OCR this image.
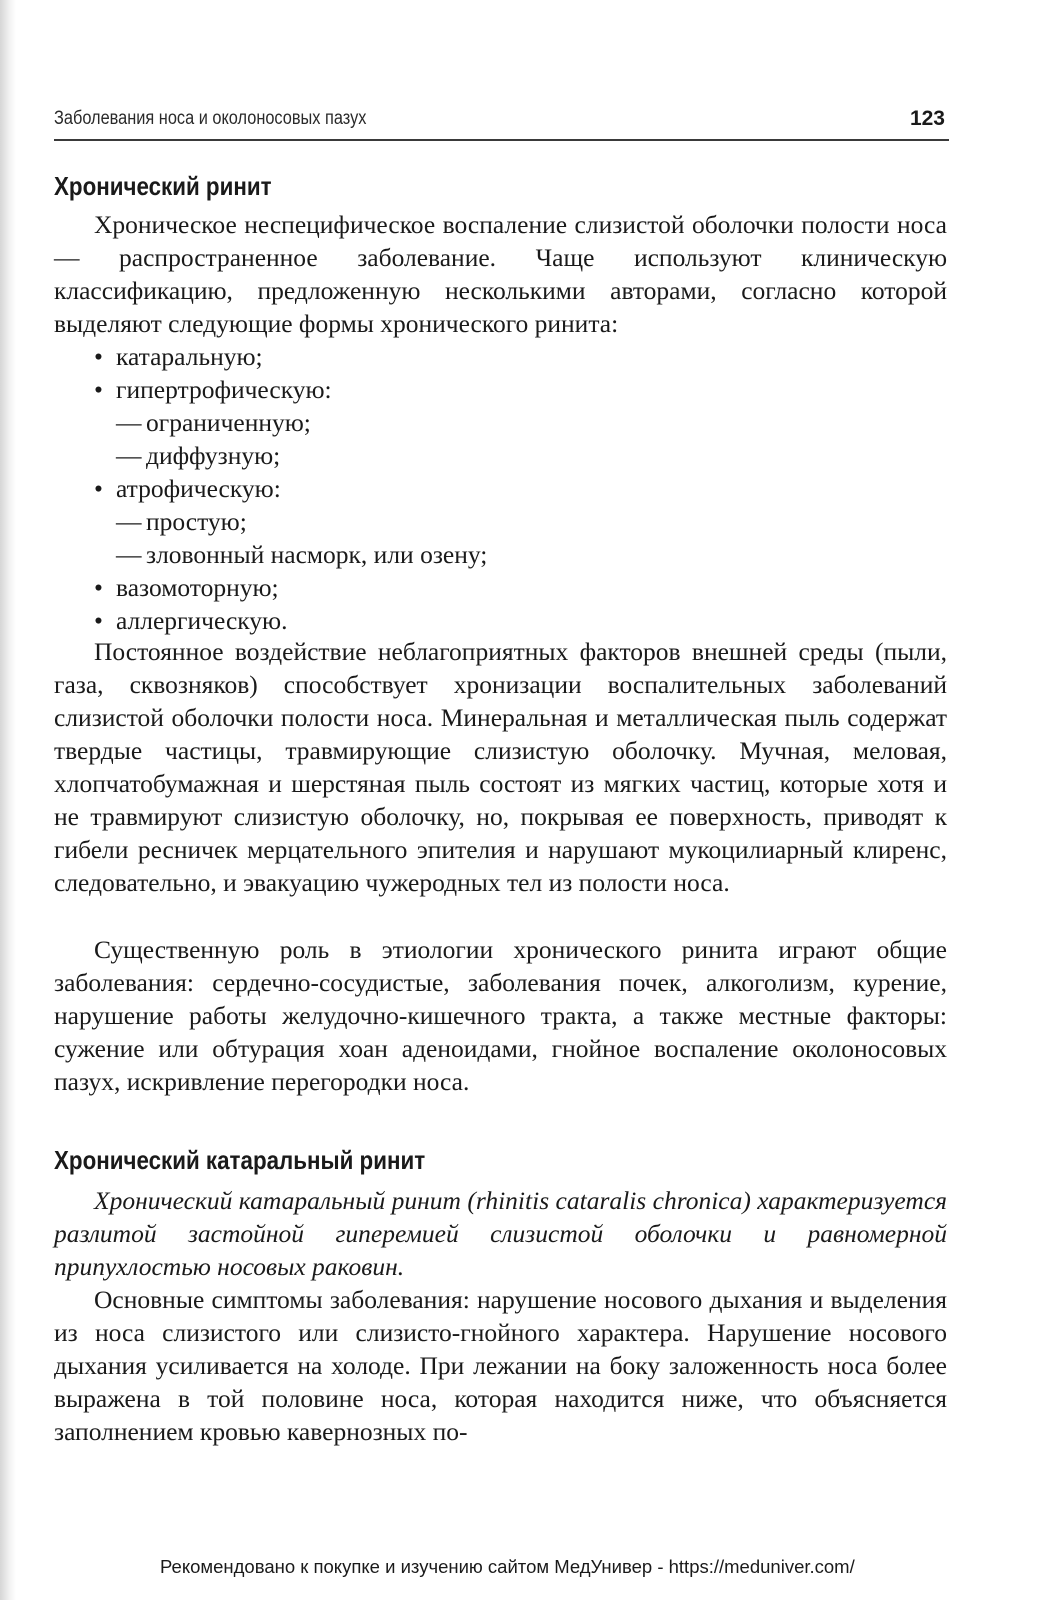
Заболевания носа и околоносовых пазух	123
Хронический ринит

Хроническое неспецифическое воспаление слизистой оболочки полости носа — распространенное заболевание. Чаще используют клиническую классификацию, предложенную несколькими авторами, согласно которой выделяют следующие формы хронического ринита:

• катаральную;
• гипертрофическую:
— ограниченную;
— диффузную;
• атрофическую:
— простую;
— зловонный насморк, или озену;
• вазомоторную;
• аллергическую.

Постоянное воздействие неблагоприятных факторов внешней среды (пыли, газа, сквозняков) способствует хронизации воспалительных заболеваний слизистой оболочки полости носа. Минеральная и металлическая пыль содержат твердые частицы, травмирующие слизистую оболочку. Мучная, меловая, хлопчатобумажная и шерстяная пыль состоят из мягких частиц, которые хотя и не травмируют слизистую оболочку, но, покрывая ее поверхность, приводят к гибели ресничек мерцательного эпителия и нарушают мукоцилиарный клиренс, следовательно, и эвакуацию чужеродных тел из полости носа.

Существенную роль в этиологии хронического ринита играют общие заболевания: сердечно-сосудистые, заболевания почек, алкоголизм, курение, нарушение работы желудочно-кишечного тракта, а также местные факторы: сужение или обтурация хоан аденоидами, гнойное воспаление околоносовых пазух, искривление перегородки носа.

Хронический катаральный ринит

Хронический катаральный ринит (rhinitis cataralis chronica) характеризуется разлитой застойной гиперемией слизистой оболочки и равномерной припухлостью носовых раковин.

Основные симптомы заболевания: нарушение носового дыхания и выделения из носа слизистого или слизисто-гнойного характера. Нарушение носового дыхания усиливается на холоде. При лежании на боку заложенность носа более выражена в той половине носа, которая находится ниже, что объясняется заполнением кровью кавернозных по-

Рекомендовано к покупке и изучению сайтом МедУнивер - https://meduniver.com/
